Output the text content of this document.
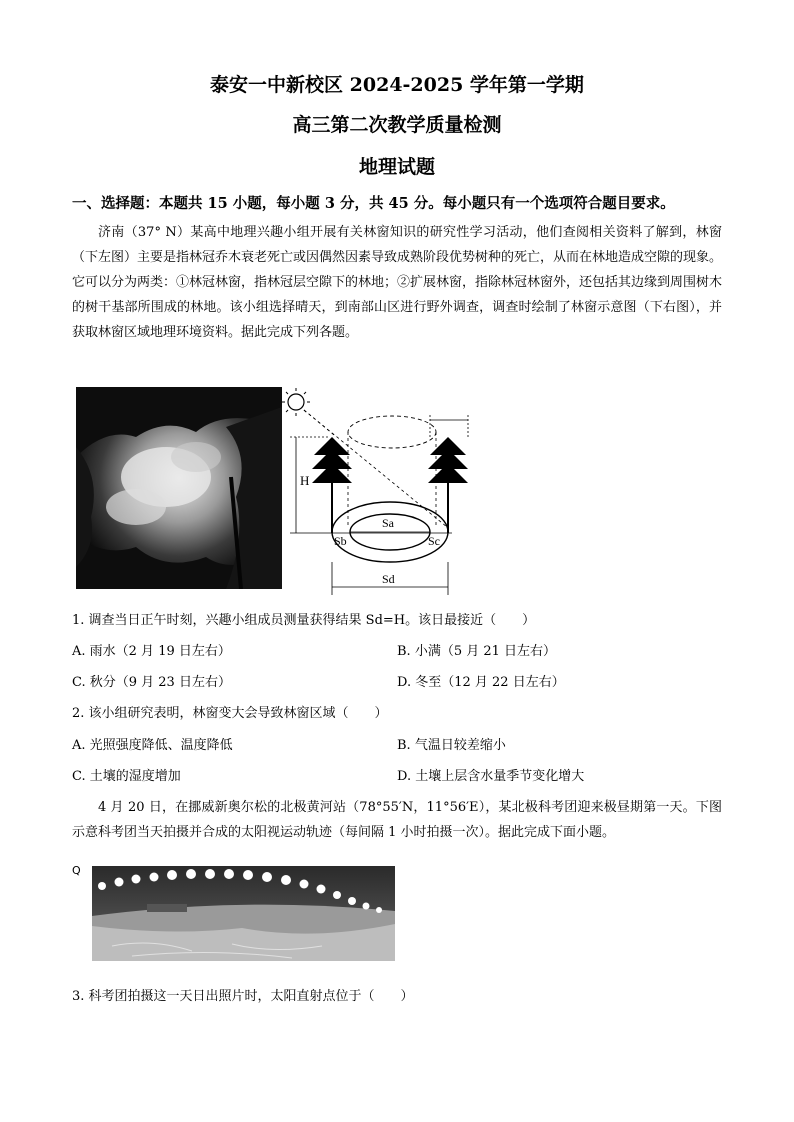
泰安一中新校区 2024-2025 学年第一学期
高三第二次教学质量检测
地理试题
一、选择题：本题共 15 小题，每小题 3 分，共 45 分。每小题只有一个选项符合题目要求。
济南（37° N）某高中地理兴趣小组开展有关林窗知识的研究性学习活动，他们查阅相关资料了解到，林窗（下左图）主要是指林冠乔木衰老死亡或因偶然因素导致成熟阶段优势树种的死亡，从而在林地造成空隙的现象。它可以分为两类：①林冠林窗，指林冠层空隙下的林地；②扩展林窗，指除林冠林窗外，还包括其边缘到周围树木的树干基部所围成的林地。该小组选择晴天，到南部山区进行野外调查，调查时绘制了林窗示意图（下右图），并获取林窗区域地理环境资料。据此完成下列各题。
H
Sa
Sb	Sc
Sd
1. 调查当日正午时刻，兴趣小组成员测量获得结果 Sd=H。该日最接近（　　）
A. 雨水（2 月 19 日左右）	B. 小满（5 月 21 日左右）
C. 秋分（9 月 23 日左右）	D. 冬至（12 月 22 日左右）
2. 该小组研究表明，林窗变大会导致林窗区域（　　）
A. 光照强度降低、温度降低	B. 气温日较差缩小
C. 土壤的湿度增加	D. 土壤上层含水量季节变化增大
4 月 20 日，在挪威新奥尔松的北极黄河站（78°55′N，11°56′E），某北极科考团迎来极昼期第一天。下图示意科考团当天拍摄并合成的太阳视运动轨迹（每间隔 1 小时拍摄一次）。据此完成下面小题。
Q
3. 科考团拍摄这一天日出照片时，太阳直射点位于（　　）
